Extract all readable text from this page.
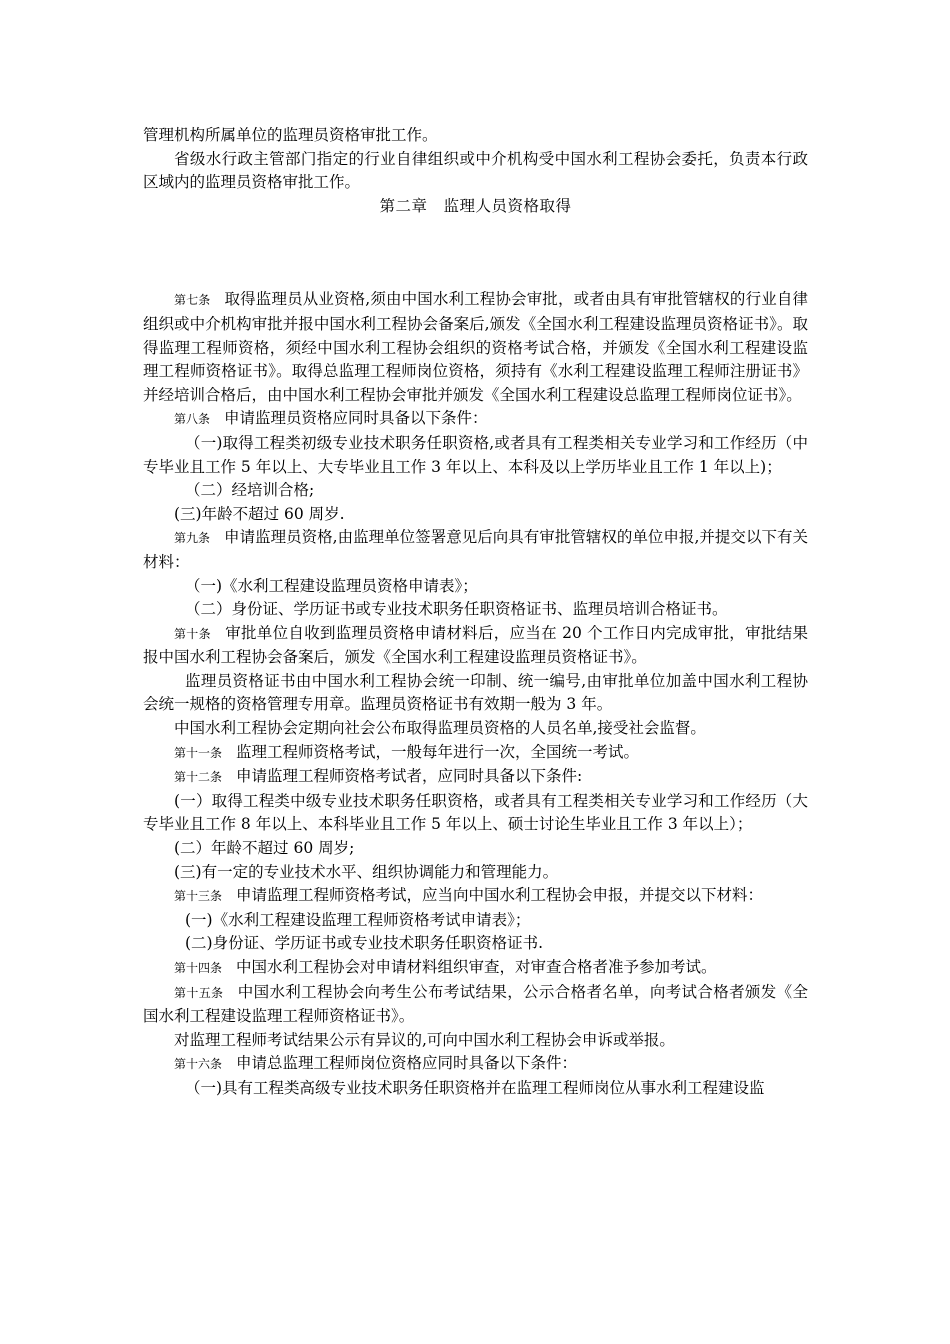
管理机构所属单位的监理员资格审批工作。

省级水行政主管部门指定的行业自律组织或中介机构受中国水利工程协会委托，负责本行政区域内的监理员资格审批工作。

第二章　监理人员资格取得

第七条 取得监理员从业资格,须由中国水利工程协会审批，或者由具有审批管辖权的行业自律组织或中介机构审批并报中国水利工程协会备案后,颁发《全国水利工程建设监理员资格证书》。取得监理工程师资格，须经中国水利工程协会组织的资格考试合格，并颁发《全国水利工程建设监理工程师资格证书》。取得总监理工程师岗位资格，须持有《水利工程建设监理工程师注册证书》并经培训合格后，由中国水利工程协会审批并颁发《全国水利工程建设总监理工程师岗位证书》。

第八条 申请监理员资格应同时具备以下条件：

（一)取得工程类初级专业技术职务任职资格,或者具有工程类相关专业学习和工作经历（中专毕业且工作 5 年以上、大专毕业且工作 3 年以上、本科及以上学历毕业且工作 1 年以上)；

（二）经培训合格;

(三)年龄不超过 60 周岁.

第九条 申请监理员资格,由监理单位签署意见后向具有审批管辖权的单位申报,并提交以下有关材料：

（一)《水利工程建设监理员资格申请表》；

（二）身份证、学历证书或专业技术职务任职资格证书、监理员培训合格证书。

第十条 审批单位自收到监理员资格申请材料后，应当在 20 个工作日内完成审批，审批结果报中国水利工程协会备案后，颁发《全国水利工程建设监理员资格证书》。

监理员资格证书由中国水利工程协会统一印制、统一编号,由审批单位加盖中国水利工程协会统一规格的资格管理专用章。监理员资格证书有效期一般为 3 年。

中国水利工程协会定期向社会公布取得监理员资格的人员名单,接受社会监督。

第十一条 监理工程师资格考试，一般每年进行一次，全国统一考试。

第十二条 申请监理工程师资格考试者，应同时具备以下条件:

(一）取得工程类中级专业技术职务任职资格，或者具有工程类相关专业学习和工作经历（大专毕业且工作 8 年以上、本科毕业且工作 5 年以上、硕士讨论生毕业且工作 3 年以上）；

(二）年龄不超过 60 周岁;

(三)有一定的专业技术水平、组织协调能力和管理能力。

第十三条 申请监理工程师资格考试，应当向中国水利工程协会申报，并提交以下材料：

(一)《水利工程建设监理工程师资格考试申请表》；

(二)身份证、学历证书或专业技术职务任职资格证书.

第十四条 中国水利工程协会对申请材料组织审查，对审查合格者准予参加考试。

第十五条 中国水利工程协会向考生公布考试结果，公示合格者名单，向考试合格者颁发《全国水利工程建设监理工程师资格证书》。

对监理工程师考试结果公示有异议的,可向中国水利工程协会申诉或举报。

第十六条 申请总监理工程师岗位资格应同时具备以下条件：

（一)具有工程类高级专业技术职务任职资格并在监理工程师岗位从事水利工程建设监
